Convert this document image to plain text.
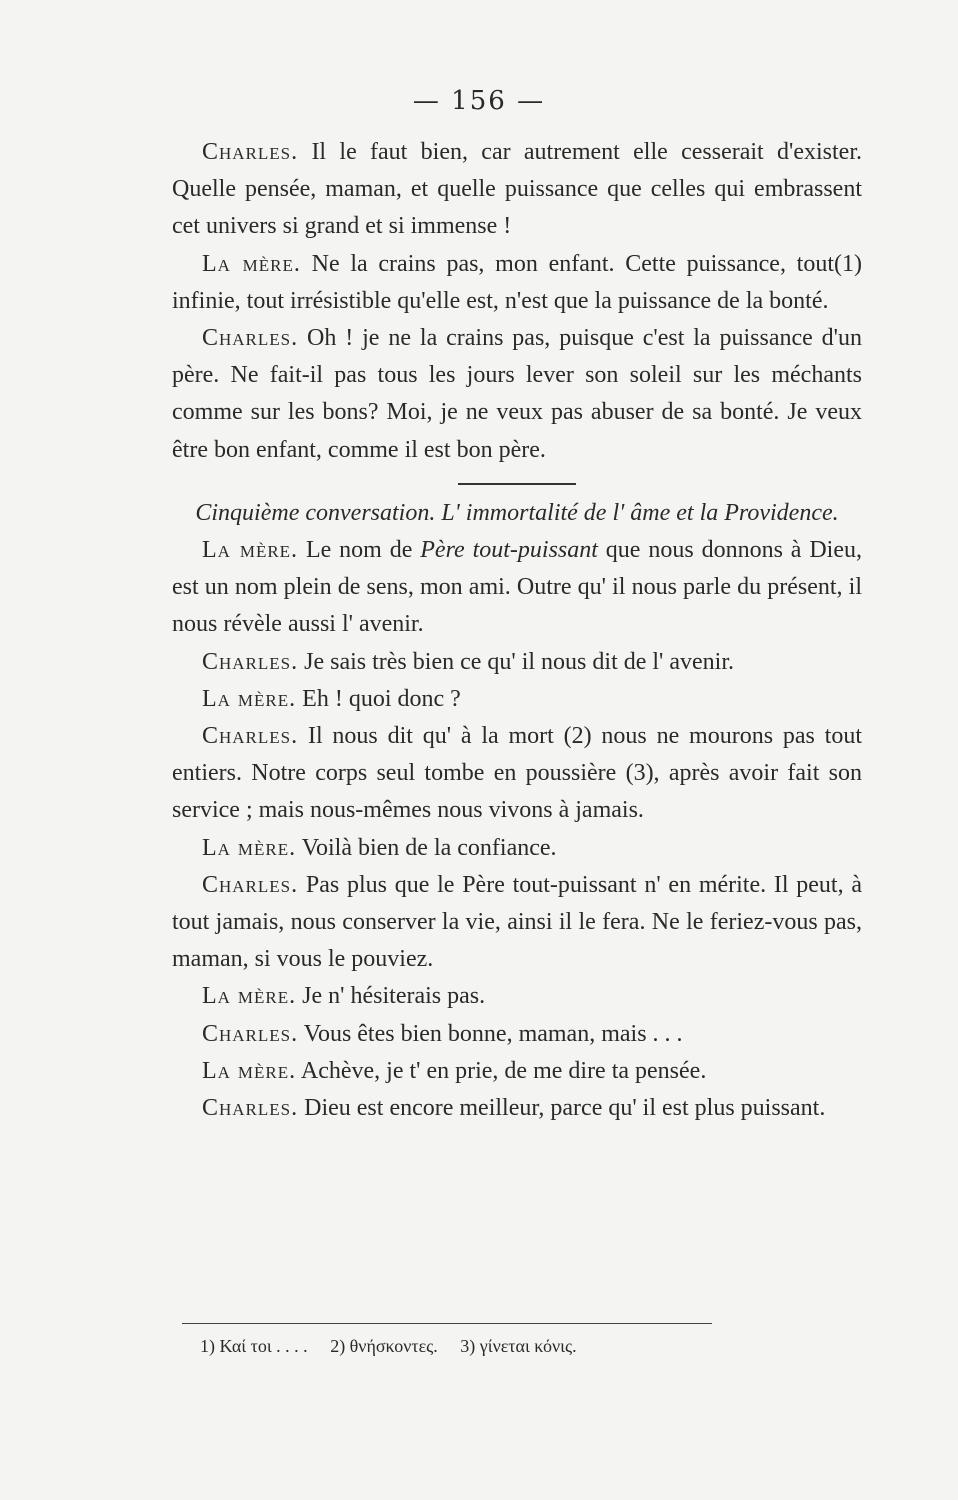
— 156 —

Charles. Il le faut bien, car autrement elle cesserait d'exister. Quelle pensée, maman, et quelle puissance que celles qui embrassent cet univers si grand et si immense !

La mère. Ne la crains pas, mon enfant. Cette puissance, tout(1) infinie, tout irrésistible qu'elle est, n'est que la puissance de la bonté.

Charles. Oh ! je ne la crains pas, puisque c'est la puissance d'un père. Ne fait-il pas tous les jours lever son soleil sur les méchants comme sur les bons? Moi, je ne veux pas abuser de sa bonté. Je veux être bon enfant, comme il est bon père.

Cinquième conversation. L' immortalité de l' âme et la Providence.

La mère. Le nom de Père tout-puissant que nous donnons à Dieu, est un nom plein de sens, mon ami. Outre qu' il nous parle du présent, il nous révèle aussi l' avenir.

Charles. Je sais très bien ce qu' il nous dit de l' avenir.

La mère. Eh ! quoi donc ?

Charles. Il nous dit qu' à la mort (2) nous ne mourons pas tout entiers. Notre corps seul tombe en poussière (3), après avoir fait son service ; mais nous-mêmes nous vivons à jamais.

La mère. Voilà bien de la confiance.

Charles. Pas plus que le Père tout-puissant n' en mérite. Il peut, à tout jamais, nous conserver la vie, ainsi il le fera. Ne le feriez-vous pas, maman, si vous le pouviez.

La mère. Je n' hésiterais pas.

Charles. Vous êtes bien bonne, maman, mais . . .

La mère. Achève, je t' en prie, de me dire ta pensée.

Charles. Dieu est encore meilleur, parce qu' il est plus puissant.

1) Καί τοι . . . . 2) θνήσκοντες. 3) γίνεται κόνις.
